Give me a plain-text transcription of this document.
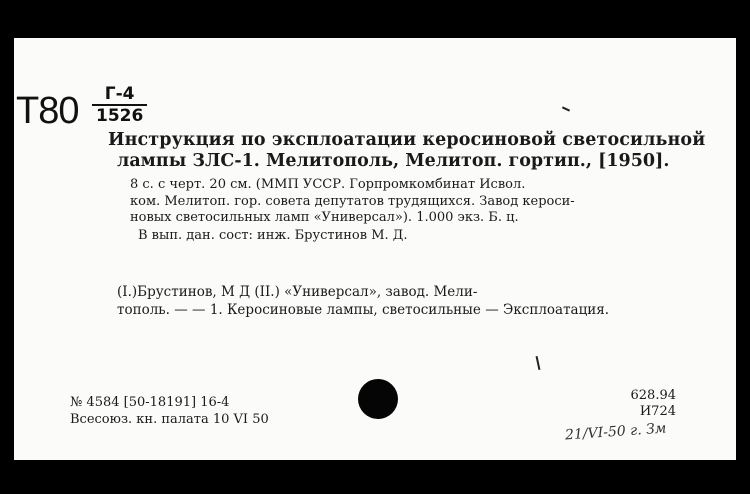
T80	Г-4
1526
Инструкция по эксплоатации керосиновой светосильной
лампы ЗЛС-1. Мелитополь, Мелитоп. гортип., [1950].
8 с. с черт. 20 см. (ММП УССР. Горпромкомбинат Исвол.
ком. Мелитоп. гор. совета депутатов трудящихся. Завод кероси-
новых светосильных ламп «Универсал»). 1.000 экз. Б. ц.
В вып. дан. сост: инж. Брустинов М. Д.
(I.)Брустинов, М Д (II.) «Универсал», завод. Мели-
тополь. — — 1. Керосиновые лампы, светосильные — Эксплоатация.
№ 4584 [50-18191] 16-4
Всесоюз. кн. палата 10 VI 50
628.94
И724
21/VI-50 г. Зм
